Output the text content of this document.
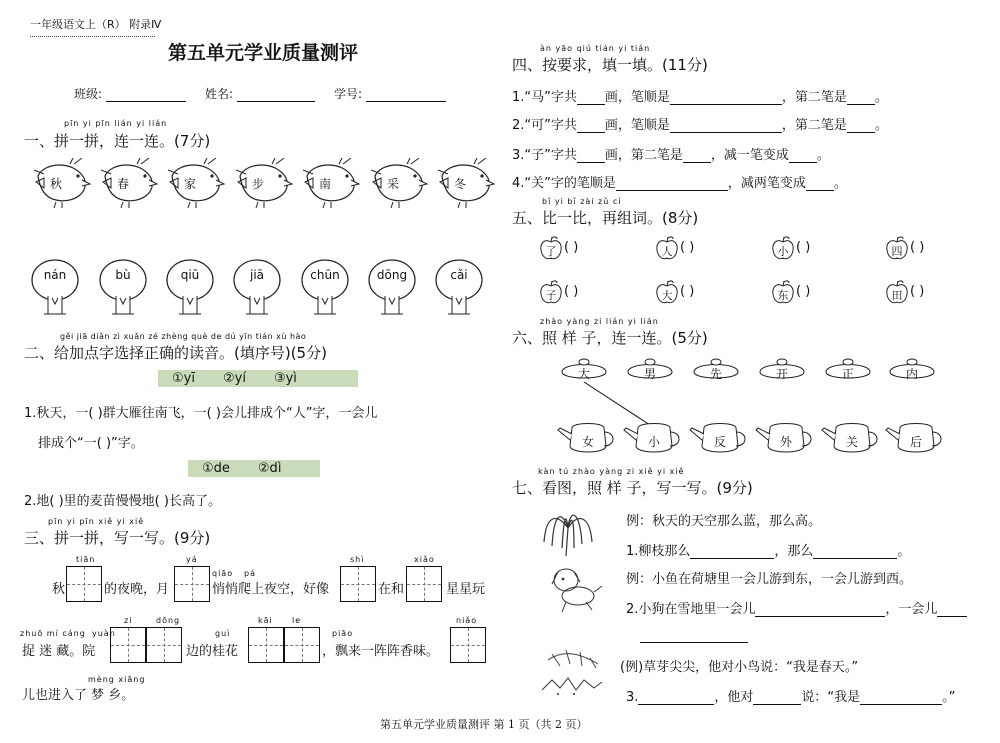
一年级语文上（R） 附录Ⅳ
第五单元学业质量测评
班级:	姓名:	学号:
pīn yi pīn lián yi lián
一、拼一拼，连一连。(7分)
秋	春	家	步	南	采	冬
nán	bù	qiū	jiā	chūn	dōng	cǎi
gěi jiā diǎn zì xuǎn zé zhèng què de dú yīn tián xù hào
二、给加点字选择正确的读音。(填序号)(5分)
①yī ②yí ③yì
1.秋天，一( )群大雁往南飞，一( )会儿排成个“人”字，一会儿
排成个“一( )”字。
①de ②dì
2.地( )里的麦苗慢慢地( )长高了。
pīn yi pīn xiě yi xiě
三、拼一拼，写一写。(9分)
tiān	yá
qiāo pá
shì	xiǎo
秋	的夜晚，月	悄悄爬上夜空，好像	在和	星星玩
zhuō mí cáng yuàn
zi	dōng
guì
kāi le
piāo
niǎo
捉 迷 藏。院	边的桂花	，飘来一阵阵香味。
mèng xiāng
儿也进入了 梦 乡。
àn yāo qiú tián yi tián
四、按要求，填一填。(11分)
1.“马”字共 画，笔顺是	，第二笔是 。
2.“可”字共 画，笔顺是	，第二笔是 。
3.“子”字共 画，第二笔是 ，减一笔变成 。
4.“关”字的笔顺是	，减两笔变成 。
bǐ yi bǐ zài zǔ cí
五、比一比，再组词。(8分)
了 ( )	人 ( )	小 ( )	四 ( )
子 ( )	大 ( )	东 ( )	田 ( )
zhào yàng zi lián yi lián
六、照 样 子，连一连。(5分)
大	男	先	开	正	内
女	小	反	外	关	后
kàn tú zhào yàng zi xiě yi xiě
七、看图，照 样 子，写一写。(9分)
例：秋天的天空那么蓝，那么高。
1.柳枝那么	，那么	。
例：小鱼在荷塘里一会儿游到东，一会儿游到西。
2.小狗在雪地里一会儿	，一会儿
(例)草芽尖尖，他对小鸟说：“我是春天。”
3.	，他对	说：“我是	。”
第五单元学业质量测评 第 1 页（共 2 页）
